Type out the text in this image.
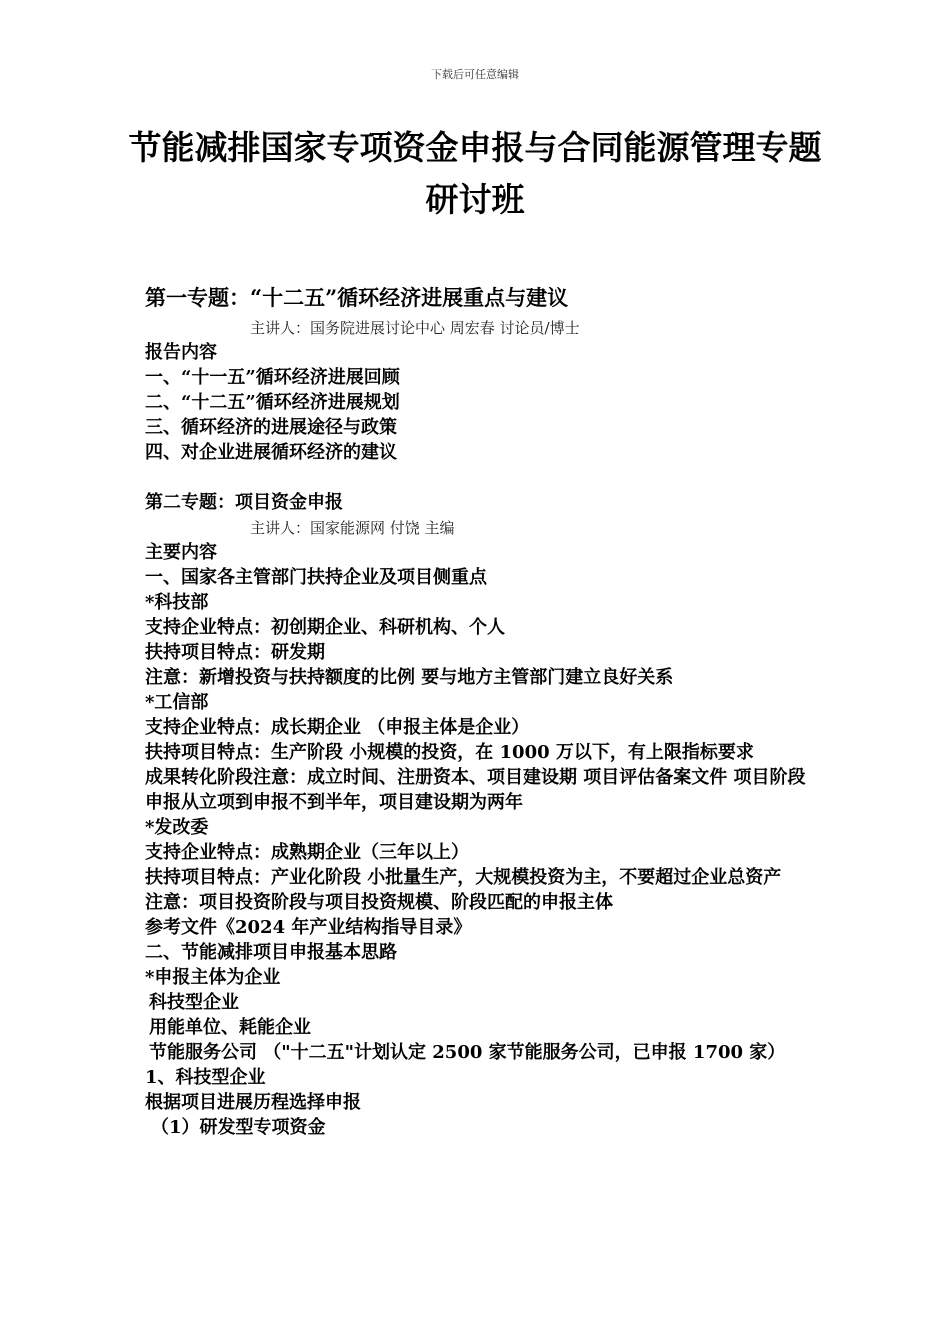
下载后可任意编辑
节能减排国家专项资金申报与合同能源管理专题研讨班
第一专题：“十二五”循环经济进展重点与建议
主讲人：国务院进展讨论中心 周宏春 讨论员/博士
报告内容
一、“十一五”循环经济进展回顾
二、“十二五”循环经济进展规划
三、循环经济的进展途径与政策
四、对企业进展循环经济的建议
第二专题：项目资金申报
主讲人：国家能源网 付饶 主编
主要内容
一、国家各主管部门扶持企业及项目侧重点
*科技部
支持企业特点：初创期企业、科研机构、个人
扶持项目特点：研发期
注意：新增投资与扶持额度的比例 要与地方主管部门建立良好关系
*工信部
支持企业特点：成长期企业 （申报主体是企业）
扶持项目特点：生产阶段 小规模的投资，在 1000 万以下，有上限指标要求
成果转化阶段注意：成立时间、注册资本、项目建设期 项目评估备案文件 项目阶段申报从立项到申报不到半年，项目建设期为两年
*发改委
支持企业特点：成熟期企业（三年以上）
扶持项目特点：产业化阶段 小批量生产，大规模投资为主，不要超过企业总资产
注意：项目投资阶段与项目投资规模、阶段匹配的申报主体
参考文件《2024 年产业结构指导目录》
二、节能减排项目申报基本思路
*申报主体为企业
科技型企业
用能单位、耗能企业
节能服务公司 （"十二五"计划认定 2500 家节能服务公司，已申报 1700 家）
1、科技型企业
根据项目进展历程选择申报
（1）研发型专项资金
